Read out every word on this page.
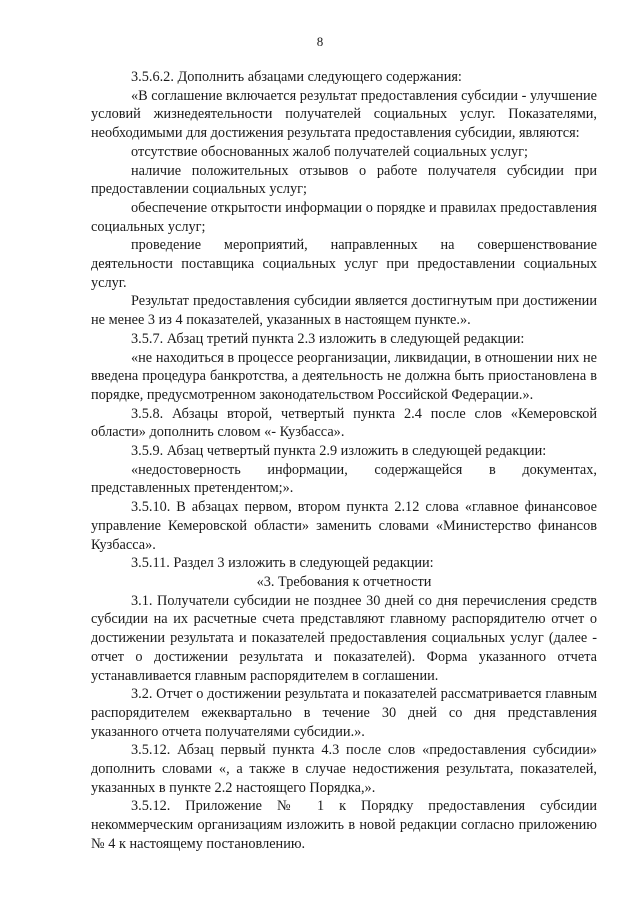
8

3.5.6.2. Дополнить абзацами следующего содержания:

«В соглашение включается результат предоставления субсидии - улучшение условий жизнедеятельности получателей социальных услуг. Показателями, необходимыми для достижения результата предоставления субсидии, являются:

отсутствие обоснованных жалоб получателей социальных услуг;

наличие положительных отзывов о работе получателя субсидии при предоставлении социальных услуг;

обеспечение открытости информации о порядке и правилах предоставления социальных услуг;

проведение мероприятий, направленных на совершенствование деятельности поставщика социальных услуг при предоставлении социальных услуг.

Результат предоставления субсидии является достигнутым при достижении не менее 3 из 4 показателей, указанных в настоящем пункте.».

3.5.7. Абзац третий пункта 2.3 изложить в следующей редакции:

«не находиться в процессе реорганизации, ликвидации, в отношении них не введена процедура банкротства, а деятельность не должна быть приостановлена в порядке, предусмотренном законодательством Российской Федерации.».

3.5.8. Абзацы второй, четвертый пункта 2.4 после слов «Кемеровской области» дополнить словом «- Кузбасса».

3.5.9. Абзац четвертый пункта 2.9 изложить в следующей редакции:

«недостоверность информации, содержащейся в документах, представленных претендентом;».

3.5.10. В абзацах первом, втором пункта 2.12 слова «главное финансовое управление Кемеровской области» заменить словами «Министерство финансов Кузбасса».

3.5.11. Раздел 3 изложить в следующей редакции:

«3. Требования к отчетности

3.1. Получатели субсидии не позднее 30 дней со дня перечисления средств субсидии на их расчетные счета представляют главному распорядителю отчет о достижении результата и показателей предоставления социальных услуг (далее - отчет о достижении результата и показателей). Форма указанного отчета устанавливается главным распорядителем в соглашении.

3.2. Отчет о достижении результата и показателей рассматривается главным распорядителем ежеквартально в течение 30 дней со дня представления указанного отчета получателями субсидии.».

3.5.12. Абзац первый пункта 4.3 после слов «предоставления субсидии» дополнить словами «, а также в случае недостижения результата, показателей, указанных в пункте 2.2 настоящего Порядка,».

3.5.12. Приложение № 1 к Порядку предоставления субсидии некоммерческим организациям изложить в новой редакции согласно приложению № 4 к настоящему постановлению.
